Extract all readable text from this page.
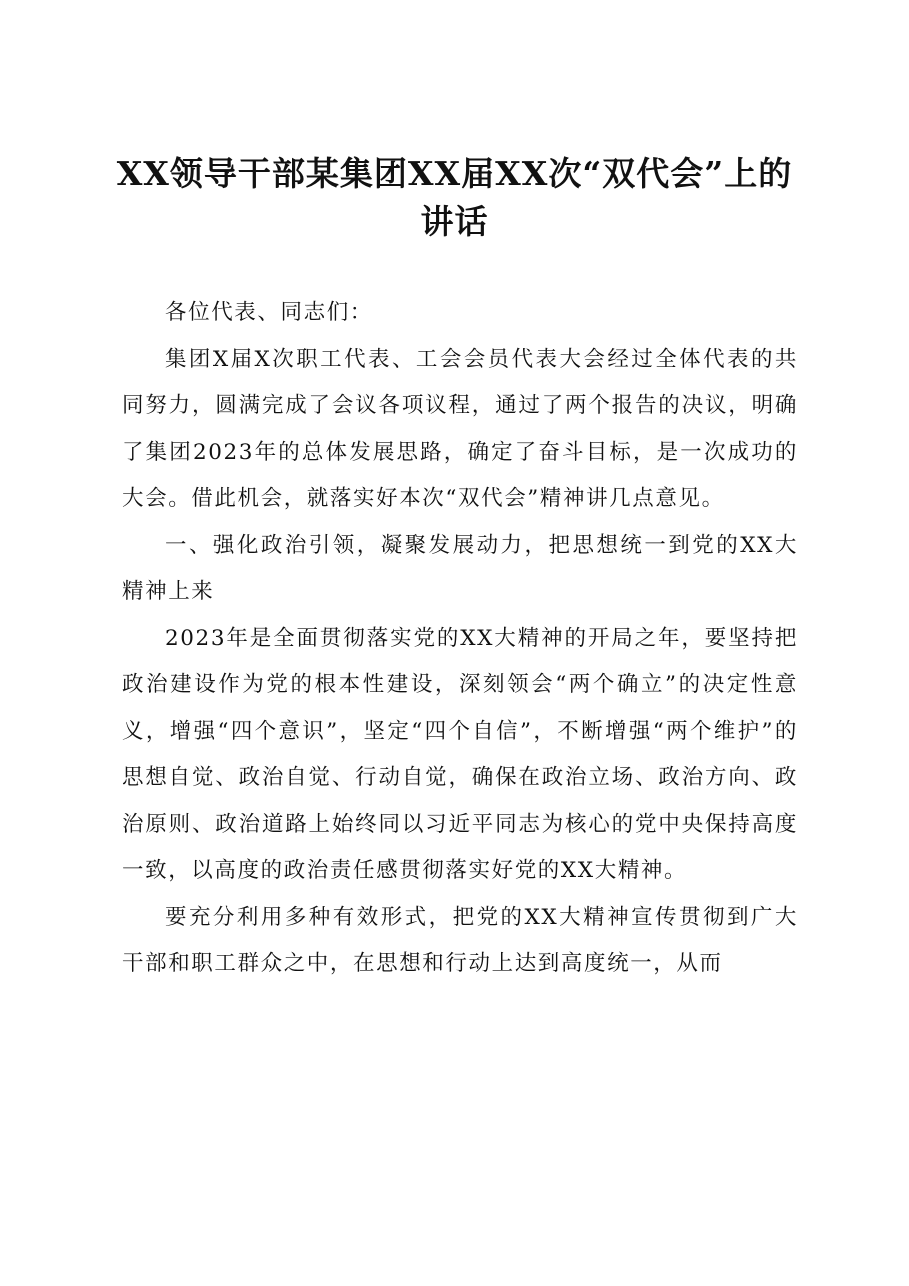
XX领导干部某集团XX届XX次“双代会”上的
讲话

各位代表、同志们：

集团X届X次职工代表、工会会员代表大会经过全体代表的共同努力，圆满完成了会议各项议程，通过了两个报告的决议，明确了集团2023年的总体发展思路，确定了奋斗目标，是一次成功的大会。借此机会，就落实好本次“双代会”精神讲几点意见。

一、强化政治引领，凝聚发展动力，把思想统一到党的XX大精神上来

2023年是全面贯彻落实党的XX大精神的开局之年，要坚持把政治建设作为党的根本性建设，深刻领会“两个确立”的决定性意义，增强“四个意识”，坚定“四个自信”，不断增强“两个维护”的思想自觉、政治自觉、行动自觉，确保在政治立场、政治方向、政治原则、政治道路上始终同以习近平同志为核心的党中央保持高度一致，以高度的政治责任感贯彻落实好党的XX大精神。

要充分利用多种有效形式，把党的XX大精神宣传贯彻到广大干部和职工群众之中，在思想和行动上达到高度统一，从而
